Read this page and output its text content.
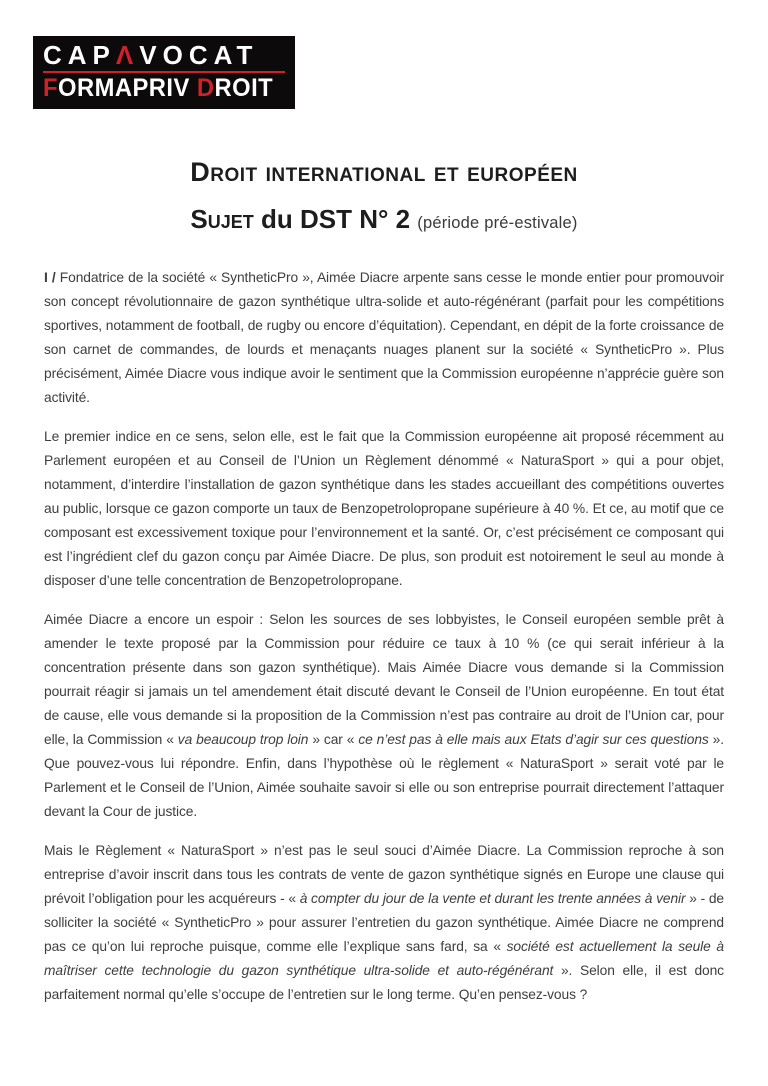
CAPΛVOCAT
FORMAPRIV DROIT
Droit international et européen
Sujet du DST N° 2 (période pré-estivale)

I / Fondatrice de la société « SyntheticPro », Aimée Diacre arpente sans cesse le monde entier pour promouvoir son concept révolutionnaire de gazon synthétique ultra-solide et auto-régénérant (parfait pour les compétitions sportives, notamment de football, de rugby ou encore d’équitation). Cependant, en dépit de la forte croissance de son carnet de commandes, de lourds et menaçants nuages planent sur la société « SyntheticPro ». Plus précisément, Aimée Diacre vous indique avoir le sentiment que la Commission européenne n’apprécie guère son activité.

Le premier indice en ce sens, selon elle, est le fait que la Commission européenne ait proposé récemment au Parlement européen et au Conseil de l’Union un Règlement dénommé « NaturaSport » qui a pour objet, notamment, d’interdire l’installation de gazon synthétique dans les stades accueillant des compétitions ouvertes au public, lorsque ce gazon comporte un taux de Benzopetrolopropane supérieure à 40 %. Et ce, au motif que ce composant est excessivement toxique pour l’environnement et la santé. Or, c’est précisément ce composant qui est l’ingrédient clef du gazon conçu par Aimée Diacre. De plus, son produit est notoirement le seul au monde à disposer d’une telle concentration de Benzopetrolopropane.

Aimée Diacre a encore un espoir : Selon les sources de ses lobbyistes, le Conseil européen semble prêt à amender le texte proposé par la Commission pour réduire ce taux à 10 % (ce qui serait inférieur à la concentration présente dans son gazon synthétique). Mais Aimée Diacre vous demande si la Commission pourrait réagir si jamais un tel amendement était discuté devant le Conseil de l’Union européenne. En tout état de cause, elle vous demande si la proposition de la Commission n’est pas contraire au droit de l’Union car, pour elle, la Commission « va beaucoup trop loin » car « ce n’est pas à elle mais aux Etats d’agir sur ces questions ». Que pouvez-vous lui répondre. Enfin, dans l’hypothèse où le règlement « NaturaSport » serait voté par le Parlement et le Conseil de l’Union, Aimée souhaite savoir si elle ou son entreprise pourrait directement l’attaquer devant la Cour de justice.

Mais le Règlement « NaturaSport » n’est pas le seul souci d’Aimée Diacre. La Commission reproche à son entreprise d’avoir inscrit dans tous les contrats de vente de gazon synthétique signés en Europe une clause qui prévoit l’obligation pour les acquéreurs - « à compter du jour de la vente et durant les trente années à venir » - de solliciter la société « SyntheticPro » pour assurer l’entretien du gazon synthétique. Aimée Diacre ne comprend pas ce qu’on lui reproche puisque, comme elle l’explique sans fard, sa « société est actuellement la seule à maîtriser cette technologie du gazon synthétique ultra-solide et auto-régénérant ». Selon elle, il est donc parfaitement normal qu’elle s’occupe de l’entretien sur le long terme. Qu’en pensez-vous ?
